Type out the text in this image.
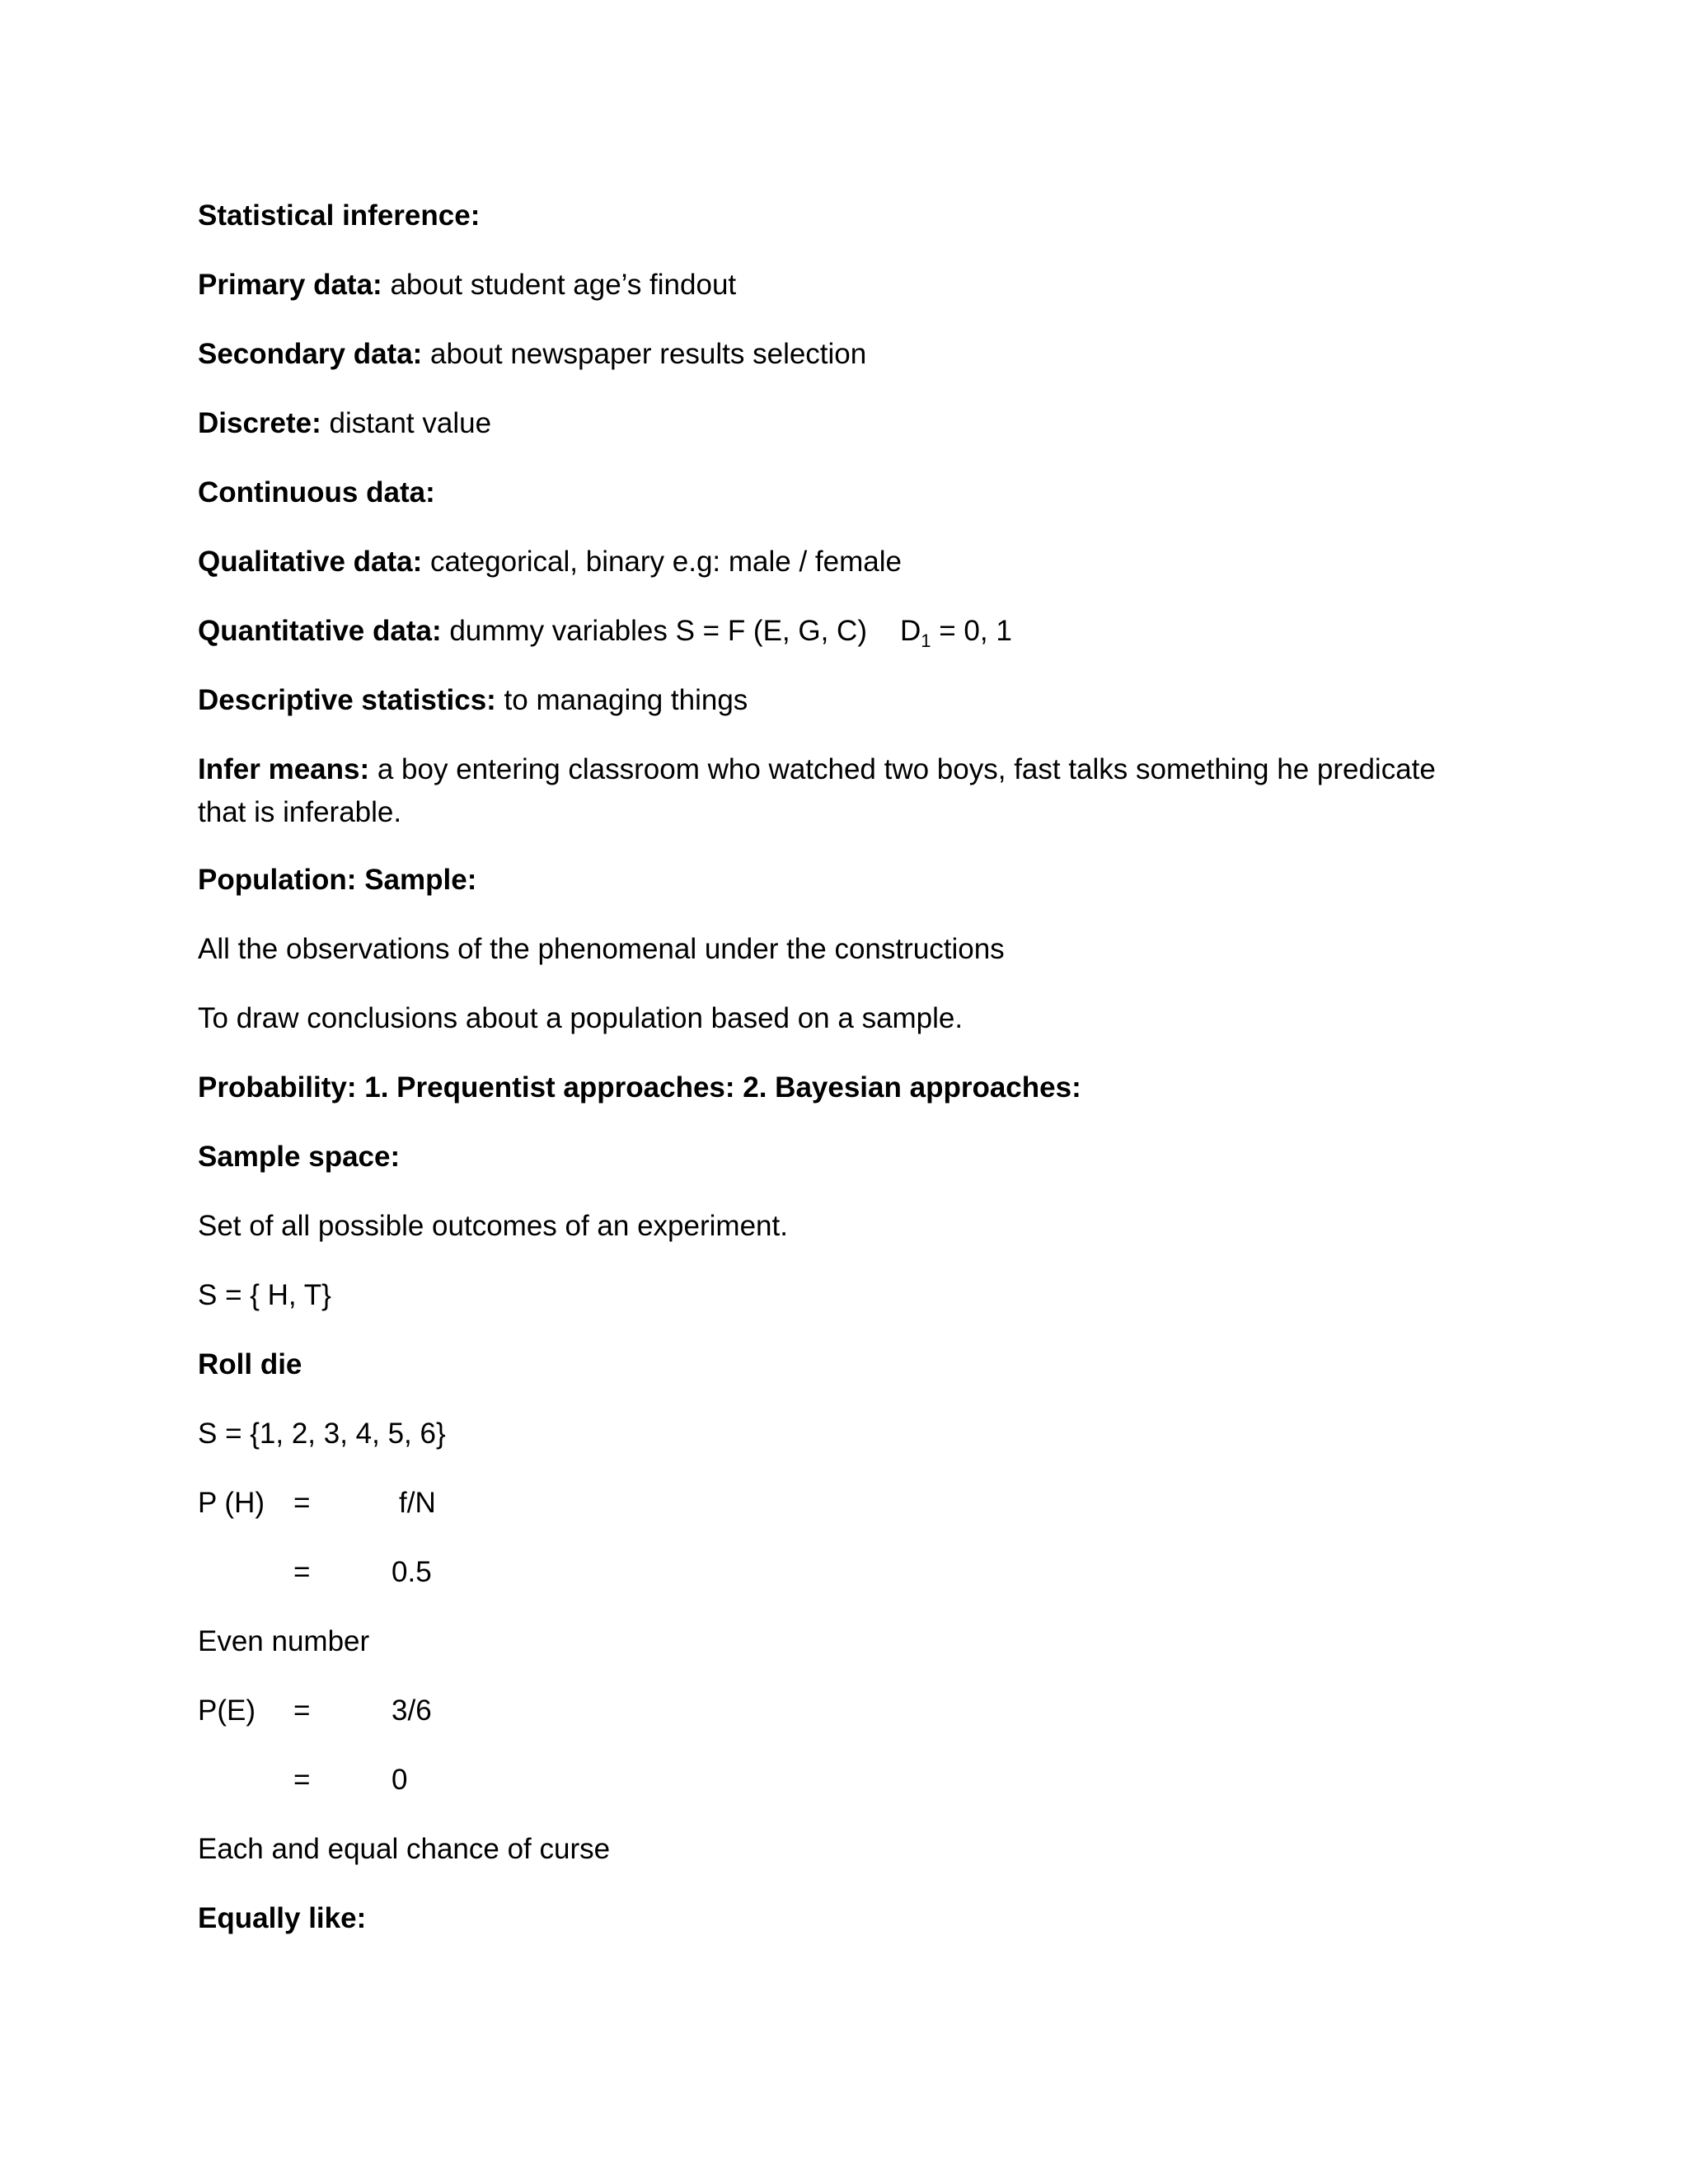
Statistical inference:
Primary data: about student age’s findout
Secondary data: about newspaper results selection
Discrete: distant value
Continuous data:
Qualitative data: categorical, binary e.g: male / female
Quantitative data: dummy variables S = F (E, G, C) $D_1 = 0$, 1
Descriptive statistics: to managing things
Infer means: a boy entering classroom who watched two boys, fast talks something he predicate that is inferable.
Population: Sample:
All the observations of the phenomenal under the constructions
To draw conclusions about a population based on a sample.
Probability: 1. Prequentist approaches: 2. Bayesian approaches:
Sample space:
Set of all possible outcomes of an experiment.
S = { H, T}
Roll die
S = {1, 2, 3, 4, 5, 6}
P (H) =	f/N
=	0.5
Even number
P(E) =	3/6
=	0
Each and equal chance of curse
Equally like:
